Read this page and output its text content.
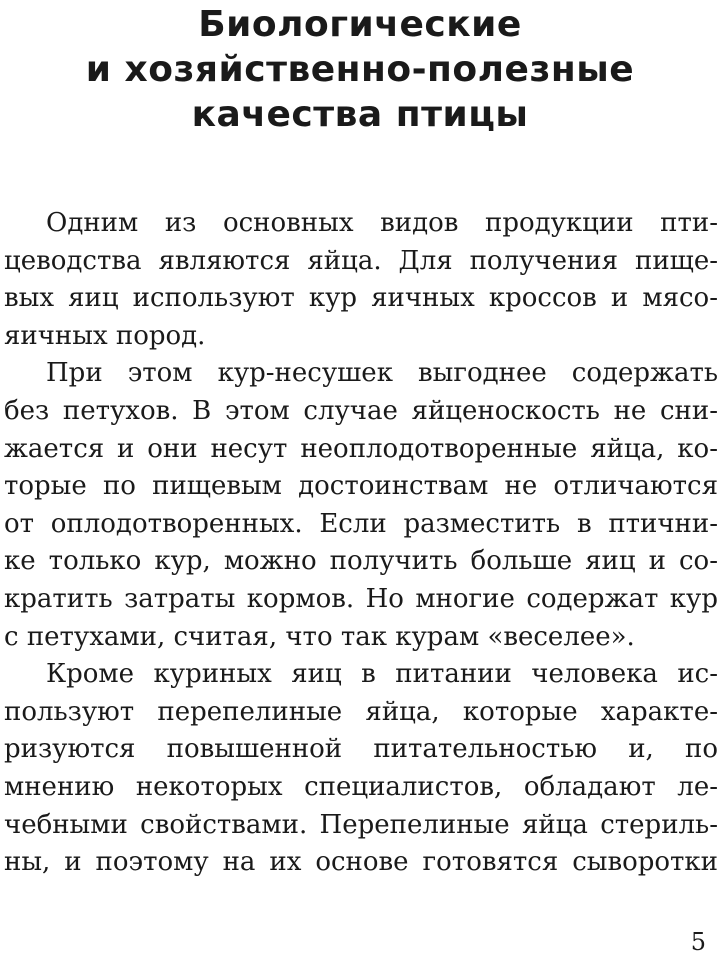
Биологические
и хозяйственно-полезные
качества птицы
Одним из основных видов продукции пти-
цеводства являются яйца. Для получения пище-
вых яиц используют кур яичных кроссов и мясо-
яичных пород.
При этом кур-несушек выгоднее содержать
без петухов. В этом случае яйценоскость не сни-
жается и они несут неоплодотворенные яйца, ко-
торые по пищевым достоинствам не отличаются
от оплодотворенных. Если разместить в птични-
ке только кур, можно получить больше яиц и со-
кратить затраты кормов. Но многие содержат кур
с петухами, считая, что так курам «веселее».
Кроме куриных яиц в питании человека ис-
пользуют перепелиные яйца, которые характе-
ризуются повышенной питательностью и, по
мнению некоторых специалистов, обладают ле-
чебными свойствами. Перепелиные яйца стериль-
ны, и поэтому на их основе готовятся сыворотки
5
